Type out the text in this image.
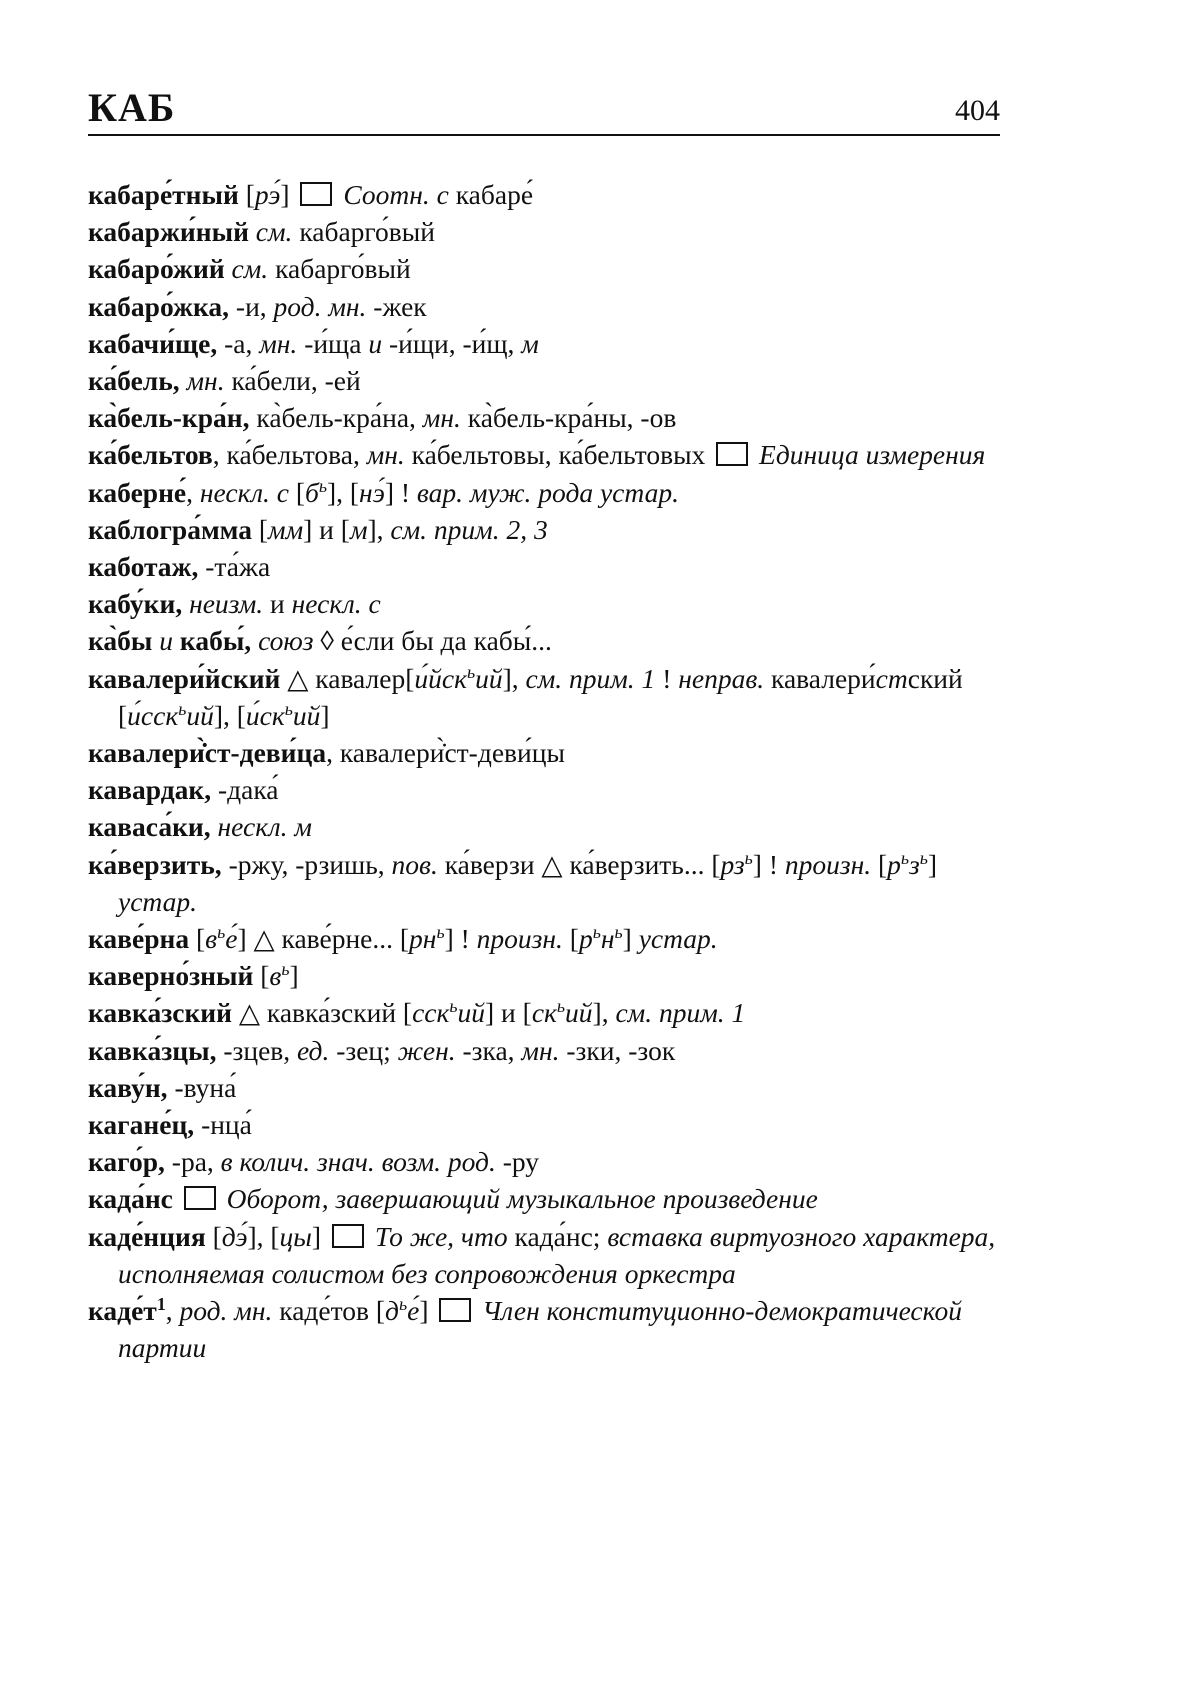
КАБ	404
кабаре́тный [рэ́]  Соотн. с кабаре́
кабаржи́ный см. кабарго́вый
кабаро́жий см. кабарго́вый
кабаро́жка, -и, род. мн. -жек
кабачи́ще, -а, мн. -и́ща и -и́щи, -и́щ, м
ка́бель, мн. ка́бели, -ей
ка̀бель-кра́н, ка̀бель-кра́на, мн. ка̀бель-кра́ны, -ов
ка́бельтов, ка́бельтова, мн. ка́бельтовы, ка́бельтовых  Единица измерения
каберне́, нескл. с $[б^ь]$, [нэ́] ! вар. муж. рода устар.
каблогра́мма [мм] и [м], см. прим. 2, 3
каботаж, -та́жа
кабу́ки, неизм. и нескл. с
ка̀бы и кабы́, союз ◊ е́сли бы да кабы́...
кавалери́йский △ кавалер[и́йск$^ь$ий], см. прим. 1 ! неправ. кавалери́стский [и́сск$^ь$ий], $[и́ск^ьий]$
кавалери̇̀ст-деви́ца, кавалери̇̀ст-деви́цы
кавардак, -дака́
каваса́ки, нескл. м
ка́верзить, -ржу, -рзишь, пов. ка́верзи △ ка́верзить... $[рз^ь]$ ! произн. $[р^ьз^ь]$ устар.
каве́рна $[в^ье́]$ △ каве́рне... $[рн^ь]$ ! произн. $[р^ьн^ь]$ устар.
каверно́зный $[в^ь]$
кавка́зский △ кавка́зский [сск$^ь$ий] и $[ск^ьий]$, см. прим. 1
кавка́зцы, -зцев, ед. -зец; жен. -зка, мн. -зки, -зок
каву́н, -вуна́
кагане́ц, -нца́
каго́р, -ра, в колич. знач. возм. род. -ру
када́нс  Оборот, завершающий музыкальное произведение
каде́нция [дэ́], [цы]  То же, что када́нс; вставка виртуозного характера, исполняемая солистом без сопровождения оркестра
$каде́т^1$, род. мн. каде́тов $[д^ье́]$  Член конституционно-демократической партии
